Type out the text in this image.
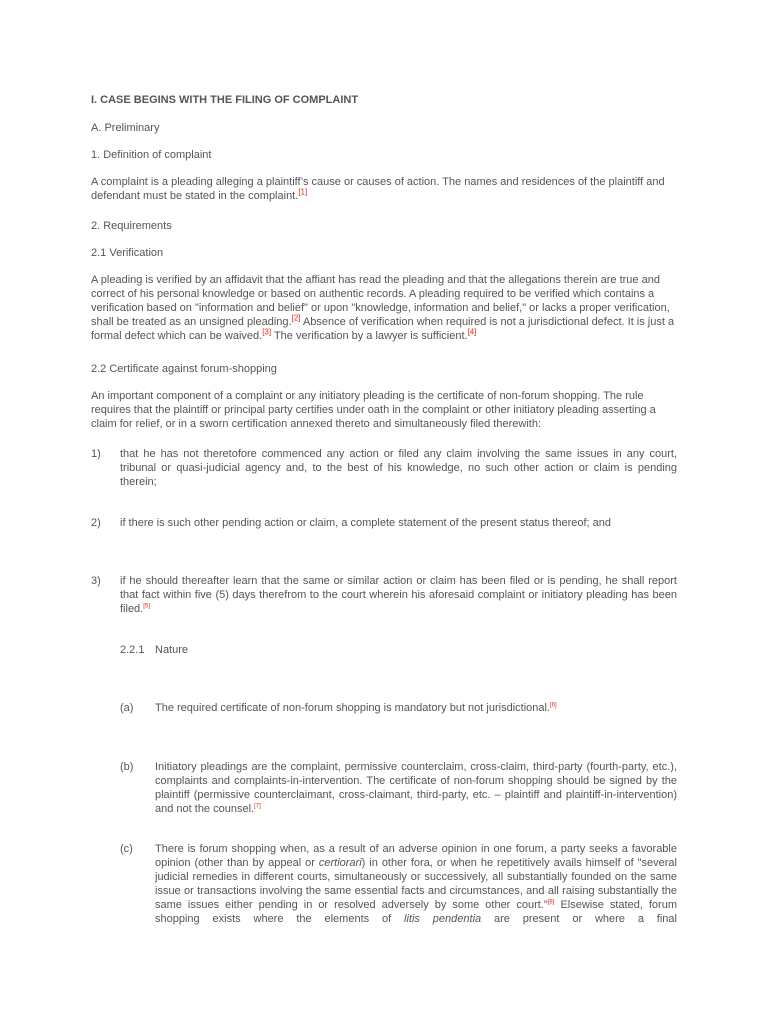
I. CASE BEGINS WITH THE FILING OF COMPLAINT

A. Preliminary

1. Definition of complaint

A complaint is a pleading alleging a plaintiff’s cause or causes of action. The names and residences of the plaintiff and defendant must be stated in the complaint.[1]

2. Requirements

2.1 Verification

A pleading is verified by an affidavit that the affiant has read the pleading and that the allegations therein are true and correct of his personal knowledge or based on authentic records. A pleading required to be verified which contains a verification based on "information and belief" or upon "knowledge, information and belief," or lacks a proper verification, shall be treated as an unsigned pleading.[2] Absence of verification when required is not a jurisdictional defect. It is just a formal defect which can be waived.[3] The verification by a lawyer is sufficient.[4]

2.2 Certificate against forum-shopping

An important component of a complaint or any initiatory pleading is the certificate of non-forum shopping. The rule requires that the plaintiff or principal party certifies under oath in the complaint or other initiatory pleading asserting a claim for relief, or in a sworn certification annexed thereto and simultaneously filed therewith:

1) that he has not theretofore commenced any action or filed any claim involving the same issues in any court, tribunal or quasi-judicial agency and, to the best of his knowledge, no such other action or claim is pending therein;

2) if there is such other pending action or claim, a complete statement of the present status thereof; and

3) if he should thereafter learn that the same or similar action or claim has been filed or is pending, he shall report that fact within five (5) days therefrom to the court wherein his aforesaid complaint or initiatory pleading has been filed.[5]

2.2.1 Nature
(a) The required certificate of non-forum shopping is mandatory but not jurisdictional.[6]

(b) Initiatory pleadings are the complaint, permissive counterclaim, cross-claim, third-party (fourth-party, etc.), complaints and complaints-in-intervention. The certificate of non-forum shopping should be signed by the plaintiff (permissive counterclaimant, cross-claimant, third-party, etc. – plaintiff and plaintiff-in-intervention) and not the counsel.[7]

(c) There is forum shopping when, as a result of an adverse opinion in one forum, a party seeks a favorable opinion (other than by appeal or certiorari) in other fora, or when he repetitively avails himself of "several judicial remedies in different courts, simultaneously or successively, all substantially founded on the same issue or transactions involving the same essential facts and circumstances, and all raising substantially the same issues either pending in or resolved adversely by some other court."[8] Elsewise stated, forum shopping exists where the elements of litis pendentia are present or where a final
